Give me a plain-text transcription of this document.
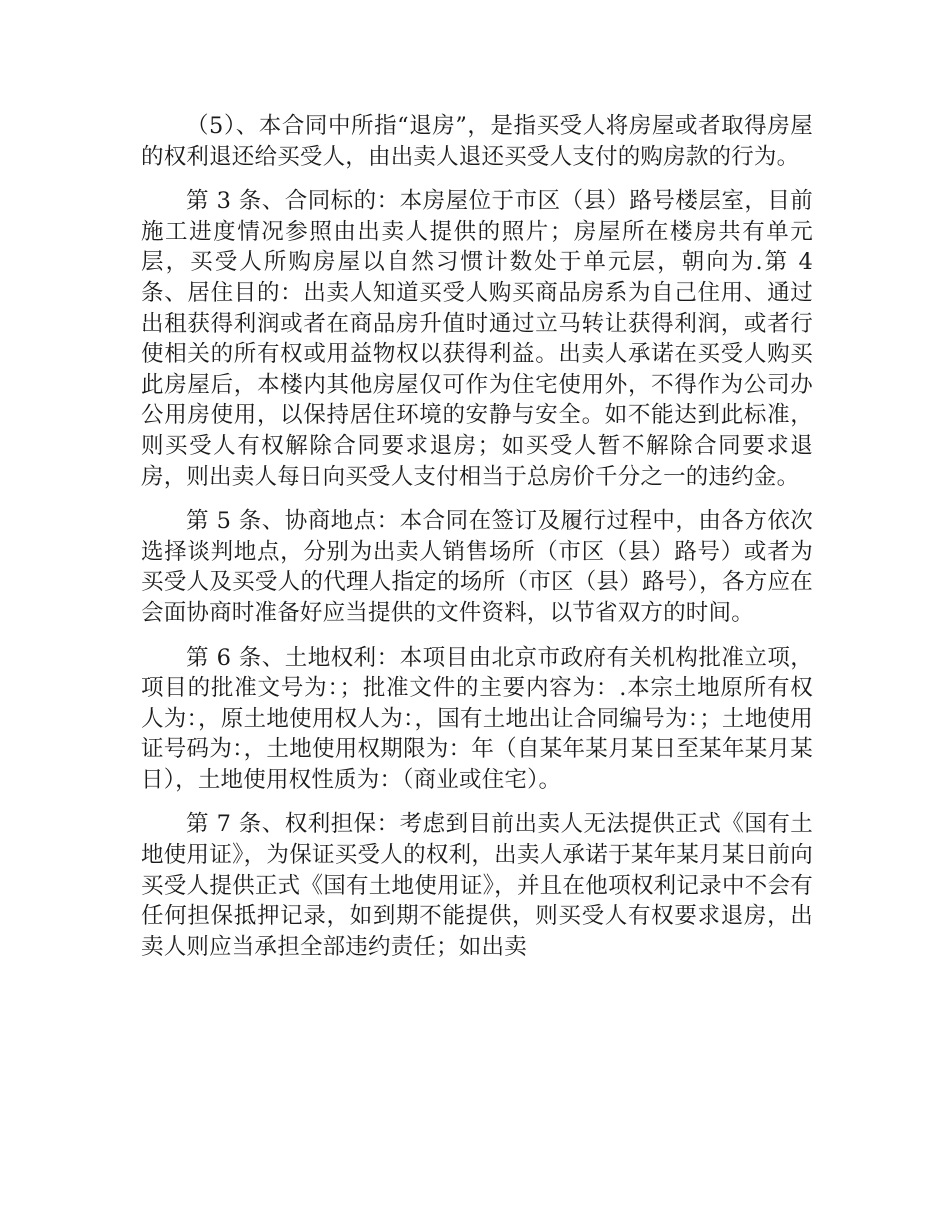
（5）、本合同中所指“退房”，是指买受人将房屋或者取得房屋的权利退还给买受人，由出卖人退还买受人支付的购房款的行为。

第 3 条、合同标的：本房屋位于市区（县）路号楼层室，目前施工进度情况参照由出卖人提供的照片；房屋所在楼房共有单元层，买受人所购房屋以自然习惯计数处于单元层，朝向为.第 4 条、居住目的：出卖人知道买受人购买商品房系为自己住用、通过出租获得利润或者在商品房升值时通过立马转让获得利润，或者行使相关的所有权或用益物权以获得利益。出卖人承诺在买受人购买此房屋后，本楼内其他房屋仅可作为住宅使用外，不得作为公司办公用房使用，以保持居住环境的安静与安全。如不能达到此标准，则买受人有权解除合同要求退房；如买受人暂不解除合同要求退房，则出卖人每日向买受人支付相当于总房价千分之一的违约金。

第 5 条、协商地点：本合同在签订及履行过程中，由各方依次选择谈判地点，分别为出卖人销售场所（市区（县）路号）或者为买受人及买受人的代理人指定的场所（市区（县）路号），各方应在会面协商时准备好应当提供的文件资料，以节省双方的时间。

第 6 条、土地权利：本项目由北京市政府有关机构批准立项，项目的批准文号为：；批准文件的主要内容为：.本宗土地原所有权人为：，原土地使用权人为：，国有土地出让合同编号为：；土地使用证号码为：，土地使用权期限为：年（自某年某月某日至某年某月某日），土地使用权性质为：（商业或住宅）。

第 7 条、权利担保：考虑到目前出卖人无法提供正式《国有土地使用证》，为保证买受人的权利，出卖人承诺于某年某月某日前向买受人提供正式《国有土地使用证》，并且在他项权利记录中不会有任何担保抵押记录，如到期不能提供，则买受人有权要求退房，出卖人则应当承担全部违约责任；如出卖
